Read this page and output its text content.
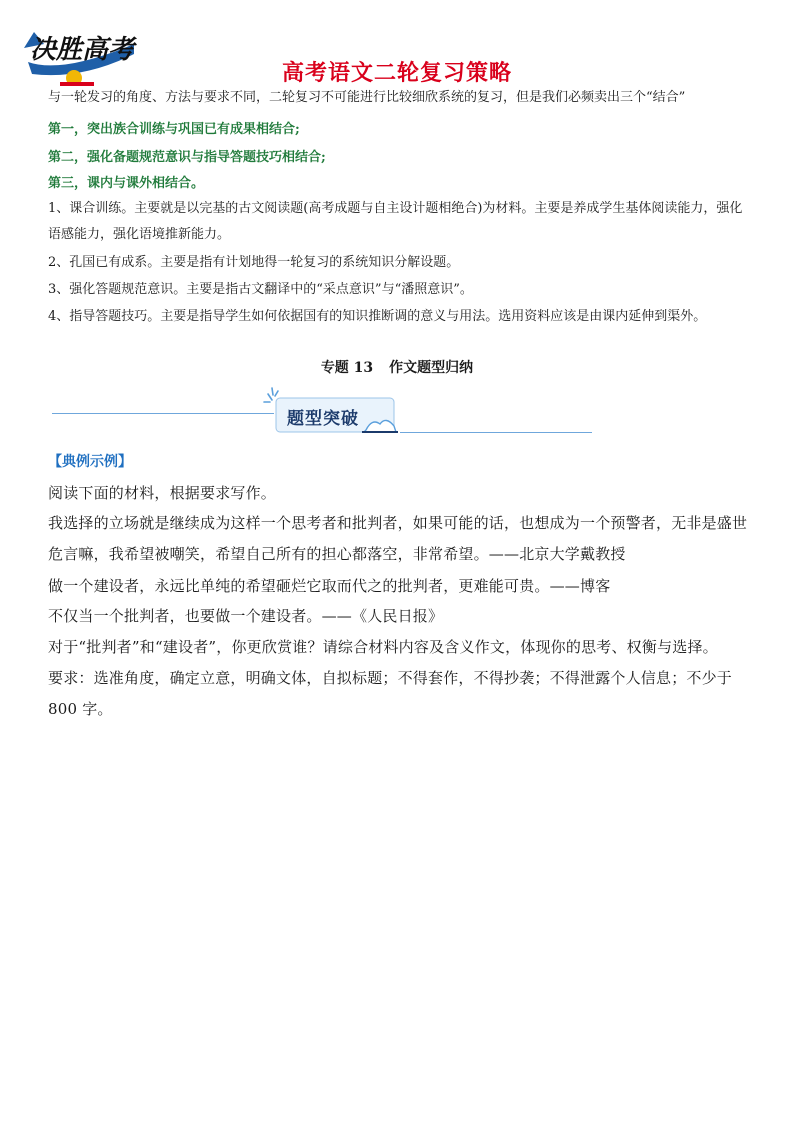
决胜高考
高考语文二轮复习策略
与一轮发习的角度、方法与要求不同，二轮复习不可能进行比较细欣系统的复习，但是我们必频卖出三个“结合”
第一，突出族合训练与巩国已有成果相结合;
第二，强化备题规范意识与指导答题技巧相结合;
第三，课内与课外相结合。
1、课合训练。主要就是以完基的古文阅读题(高考成题与自主设计题相绝合)为材料。主要是养成学生基体阅读能力，强化语感能力，强化语境推新能力。
2、孔国已有成系。主要是指有计划地得一轮复习的系统知识分解设题。
3、强化答题规范意识。主要是指古文翻译中的“采点意识”与“潘照意识”。
4、指导答题技巧。主要是指导学生如何依据国有的知识推断调的意义与用法。选用资料应该是由课内延伸到渠外。
专题 13 作文题型归纳
题型突破
【典例示例】
阅读下面的材料，根据要求写作。
我选择的立场就是继续成为这样一个思考者和批判者，如果可能的话，也想成为一个预警者，无非是盛世危言嘛，我希望被嘲笑，希望自己所有的担心都落空，非常希望。——北京大学戴教授
做一个建设者，永远比单纯的希望砸烂它取而代之的批判者，更难能可贵。——博客
不仅当一个批判者，也要做一个建设者。——《人民日报》
对于“批判者”和“建设者”，你更欣赏谁？请综合材料内容及含义作文，体现你的思考、权衡与选择。
要求：选准角度，确定立意，明确文体，自拟标题；不得套作，不得抄袭；不得泄露个人信息；不少于 800 字。
